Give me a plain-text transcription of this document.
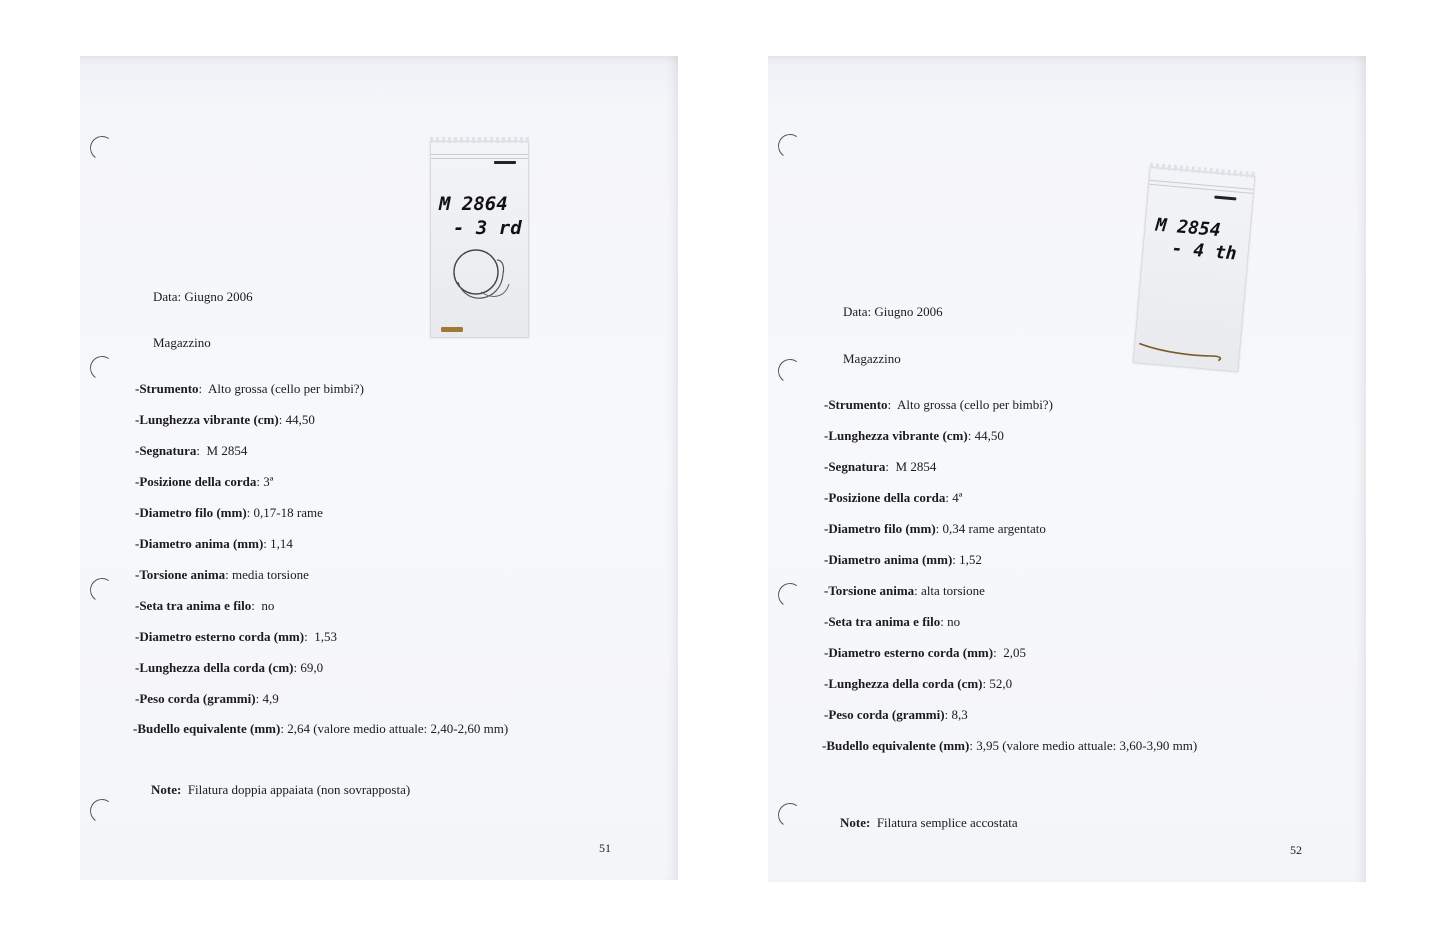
M 2864
- 3 rd
Data: Giugno 2006
Magazzino
-Strumento:  Alto grossa (cello per bimbi?)
-Lunghezza vibrante (cm): 44,50
-Segnatura:  M 2854
-Posizione della corda: 3ª
-Diametro filo (mm): 0,17-18 rame
-Diametro anima (mm): 1,14
-Torsione anima: media torsione
-Seta tra anima e filo:  no
-Diametro esterno corda (mm):  1,53
-Lunghezza della corda (cm): 69,0
-Peso corda (grammi): 4,9
-Budello equivalente (mm): 2,64 (valore medio attuale: 2,40-2,60 mm)
Note: Filatura doppia appaiata (non sovrapposta)
51
M 2854
- 4 th
Data: Giugno 2006
Magazzino
-Strumento:  Alto grossa (cello per bimbi?)
-Lunghezza vibrante (cm): 44,50
-Segnatura:  M 2854
-Posizione della corda: 4ª
-Diametro filo (mm): 0,34 rame argentato
-Diametro anima (mm): 1,52
-Torsione anima: alta torsione
-Seta tra anima e filo: no
-Diametro esterno corda (mm):  2,05
-Lunghezza della corda (cm): 52,0
-Peso corda (grammi): 8,3
-Budello equivalente (mm): 3,95 (valore medio attuale: 3,60-3,90 mm)
Note: Filatura semplice accostata
52
